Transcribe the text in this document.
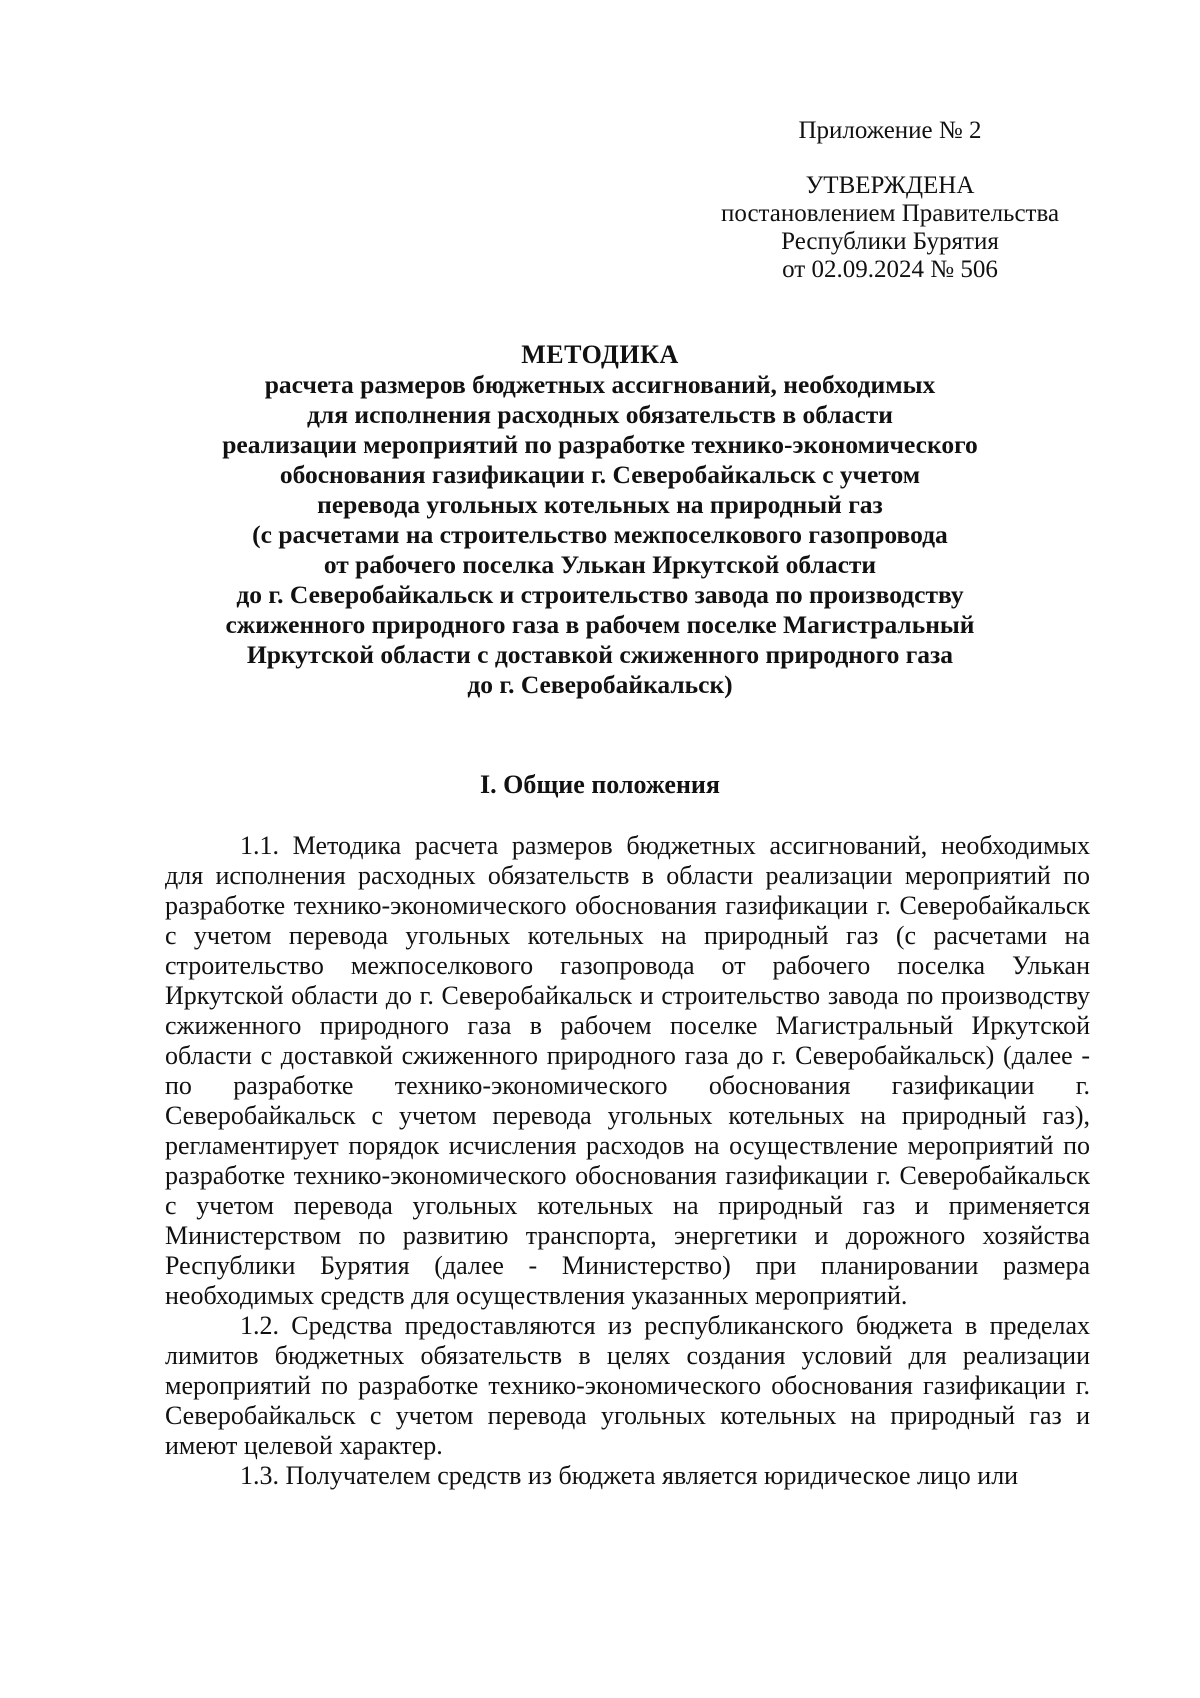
Приложение № 2
УТВЕРЖДЕНА
постановлением Правительства
Республики Бурятия
от 02.09.2024 № 506
МЕТОДИКА
расчета размеров бюджетных ассигнований, необходимых
для исполнения расходных обязательств в области
реализации мероприятий по разработке технико-экономического
обоснования газификации г. Северобайкальск с учетом
перевода угольных котельных на природный газ
(с расчетами на строительство межпоселкового газопровода
от рабочего поселка Улькан Иркутской области
до г. Северобайкальск и строительство завода по производству
сжиженного природного газа в рабочем поселке Магистральный
Иркутской области с доставкой сжиженного природного газа
до г. Северобайкальск)
I. Общие положения

1.1. Методика расчета размеров бюджетных ассигнований, необходимых для исполнения расходных обязательств в области реализации мероприятий по разработке технико-экономического обоснования газификации г. Северобайкальск с учетом перевода угольных котельных на природный газ (с расчетами на строительство межпоселкового газопровода от рабочего поселка Улькан Иркутской области до г. Северобайкальск и строительство завода по производству сжиженного природного газа в рабочем поселке Магистральный Иркутской области с доставкой сжиженного природного газа до г. Северобайкальск) (далее - по разработке технико-экономического обоснования газификации г. Северобайкальск с учетом перевода угольных котельных на природный газ), регламентирует порядок исчисления расходов на осуществление мероприятий по разработке технико-экономического обоснования газификации г. Северобайкальск с учетом перевода угольных котельных на природный газ и применяется Министерством по развитию транспорта, энергетики и дорожного хозяйства Республики Бурятия (далее - Министерство) при планировании размера необходимых средств для осуществления указанных мероприятий.

1.2. Средства предоставляются из республиканского бюджета в пределах лимитов бюджетных обязательств в целях создания условий для реализации мероприятий по разработке технико-экономического обоснования газификации г. Северобайкальск с учетом перевода угольных котельных на природный газ и имеют целевой характер.

1.3. Получателем средств из бюджета является юридическое лицо или
